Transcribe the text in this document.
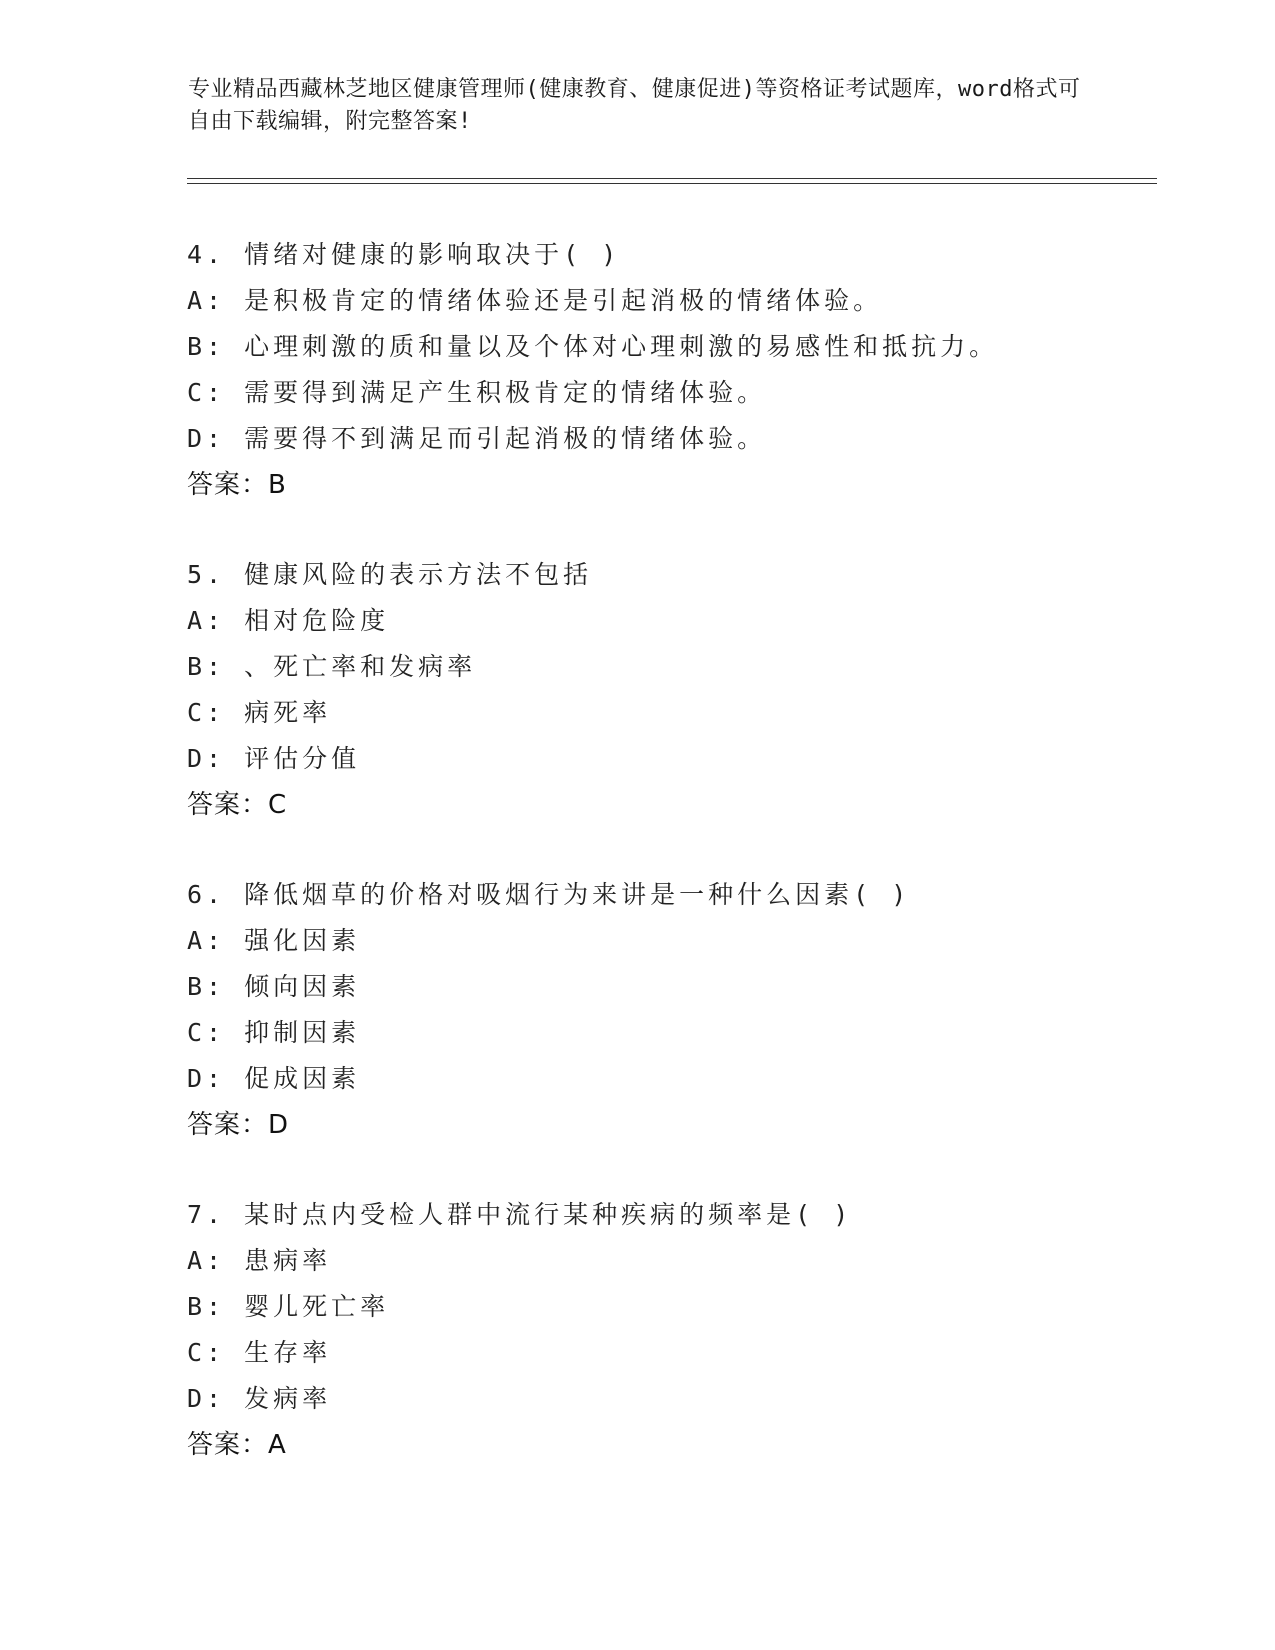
专业精品西藏林芝地区健康管理师(健康教育、健康促进)等资格证考试题库，word格式可自由下载编辑，附完整答案!
4. 情绪对健康的影响取决于( )
A: 是积极肯定的情绪体验还是引起消极的情绪体验。
B: 心理刺激的质和量以及个体对心理刺激的易感性和抵抗力。
C: 需要得到满足产生积极肯定的情绪体验。
D: 需要得不到满足而引起消极的情绪体验。
答案：B
5. 健康风险的表示方法不包括
A: 相对危险度
B: 、死亡率和发病率
C: 病死率
D: 评估分值
答案：C
6. 降低烟草的价格对吸烟行为来讲是一种什么因素( )
A: 强化因素
B: 倾向因素
C: 抑制因素
D: 促成因素
答案：D
7. 某时点内受检人群中流行某种疾病的频率是( )
A: 患病率
B: 婴儿死亡率
C: 生存率
D: 发病率
答案：A
